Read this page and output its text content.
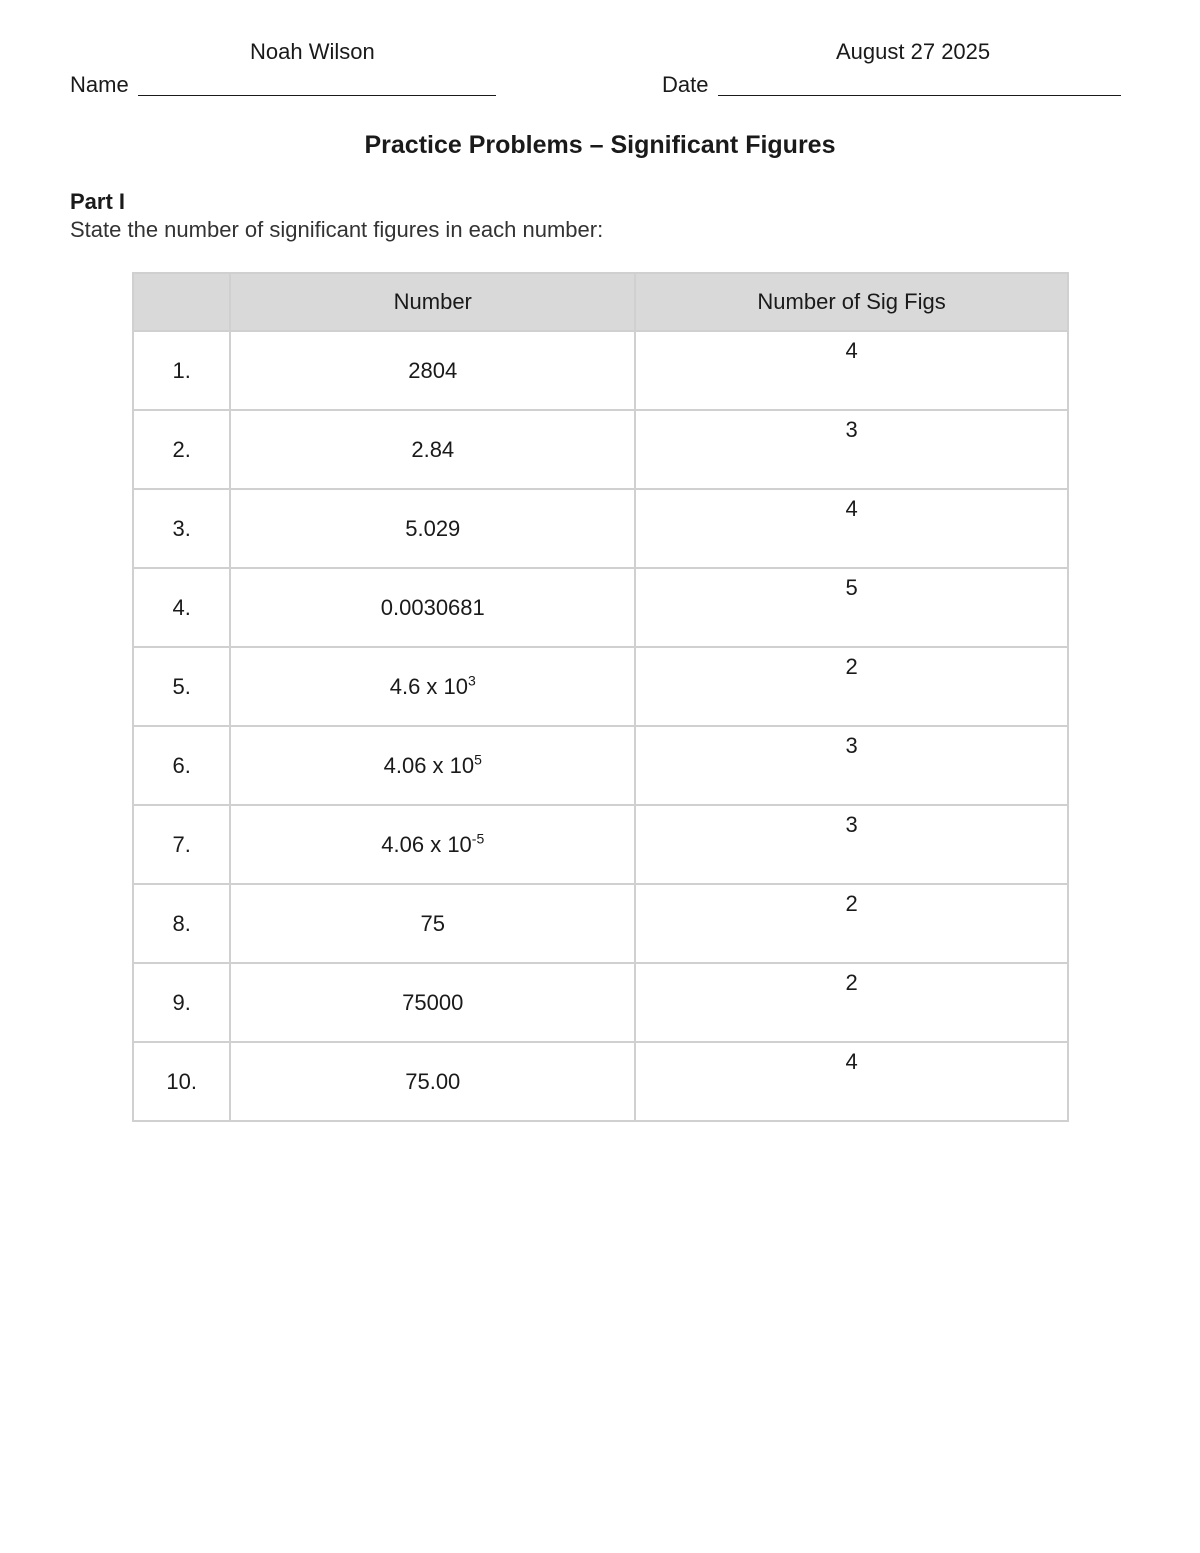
Noah Wilson
Name
August 27 2025
Date
Practice Problems – Significant Figures
Part I
State the number of significant figures in each number:
	Number	Number of Sig Figs
1.	2804	4
2.	2.84	3
3.	5.029	4
4.	0.0030681	5
5.	4.6 x $10^3$	2
6.	4.06 x $10^5$	3
7.	4.06 x $10^{-5}$	3
8.	75	2
9.	75000	2
10.	75.00	4
